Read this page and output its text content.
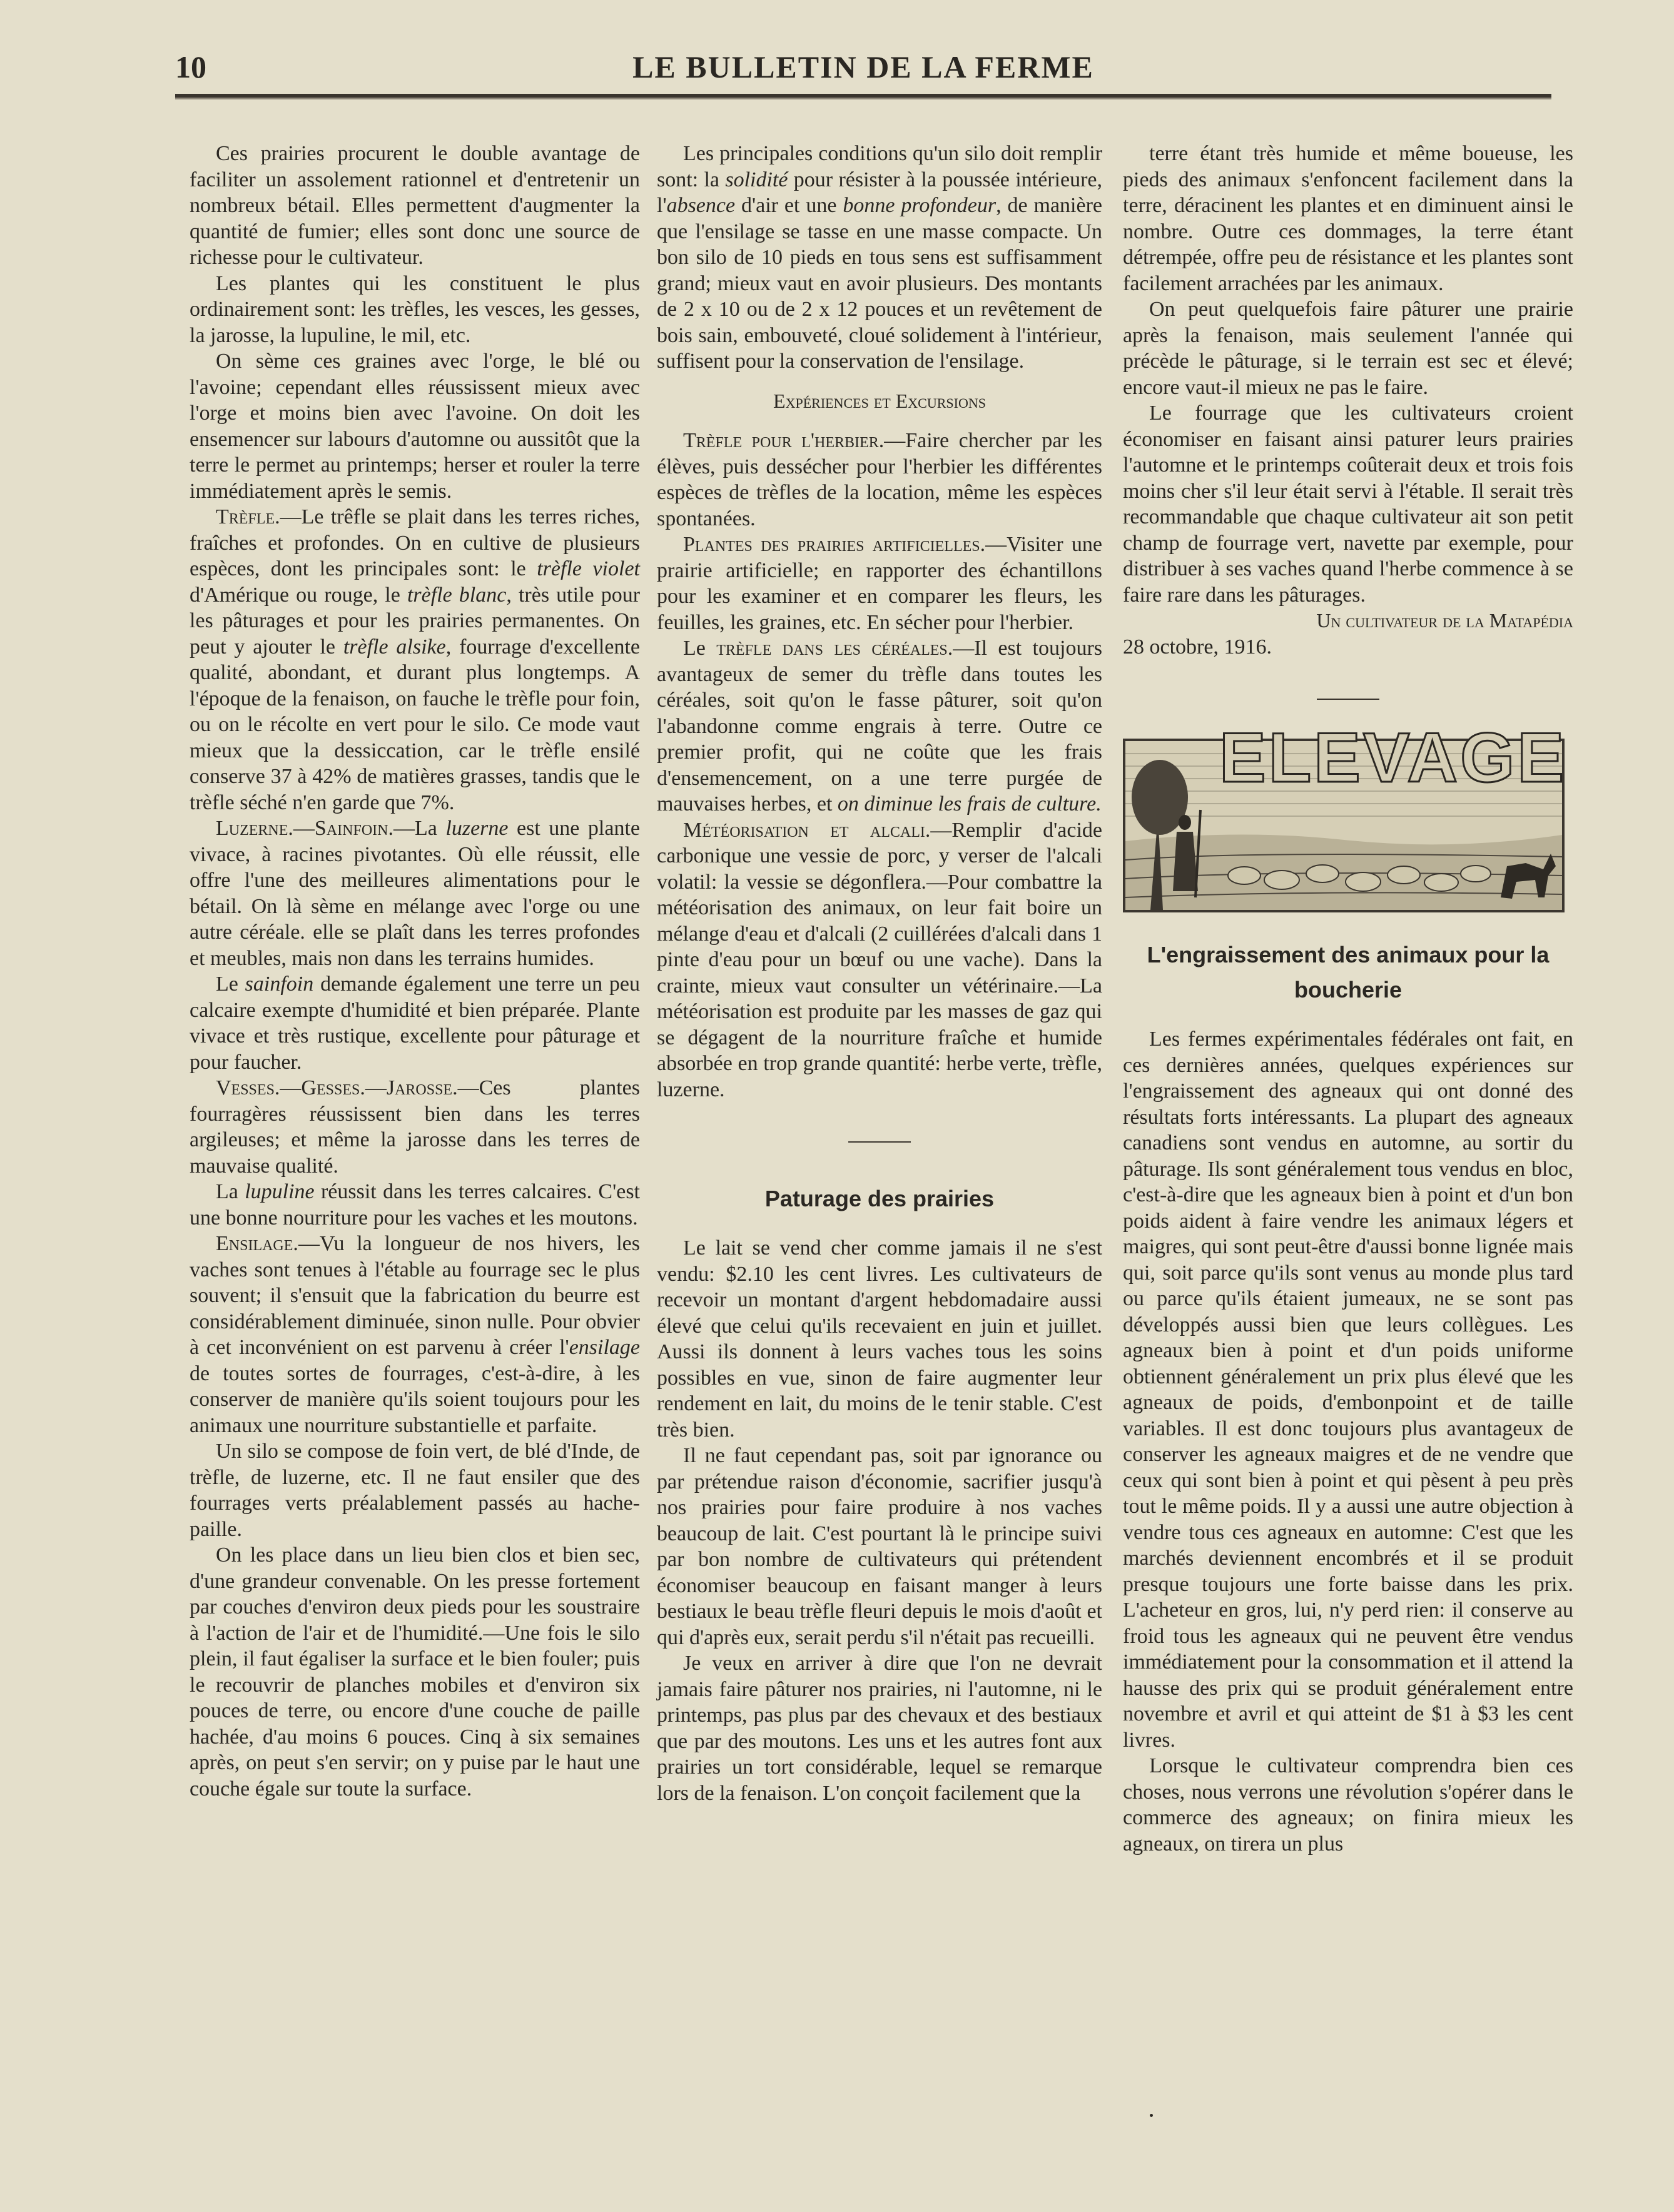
10	LE BULLETIN DE LA FERME

Ces prairies procurent le double avantage de faciliter un assolement rationnel et d'entretenir un nombreux bétail. Elles permettent d'augmenter la quantité de fumier; elles sont donc une source de richesse pour le cultivateur.

Les plantes qui les constituent le plus ordinairement sont: les trèfles, les vesces, les gesses, la jarosse, la lupuline, le mil, etc.

On sème ces graines avec l'orge, le blé ou l'avoine; cependant elles réussissent mieux avec l'orge et moins bien avec l'avoine. On doit les ensemencer sur labours d'automne ou aussitôt que la terre le permet au printemps; herser et rouler la terre immédiatement après le semis.

Trèfle.—Le trêfle se plait dans les terres riches, fraîches et profondes. On en cultive de plusieurs espèces, dont les principales sont: le trèfle violet d'Amérique ou rouge, le trèfle blanc, très utile pour les pâturages et pour les prairies permanentes. On peut y ajouter le trèfle alsike, fourrage d'excellente qualité, abondant, et durant plus longtemps. A l'époque de la fenaison, on fauche le trèfle pour foin, ou on le récolte en vert pour le silo. Ce mode vaut mieux que la dessiccation, car le trèfle ensilé conserve 37 à 42% de matières grasses, tandis que le trèfle séché n'en garde que 7%.

Luzerne.—Sainfoin.—La luzerne est une plante vivace, à racines pivotantes. Où elle réussit, elle offre l'une des meilleures alimentations pour le bétail. On là sème en mélange avec l'orge ou une autre céréale. elle se plaît dans les terres profondes et meubles, mais non dans les terrains humides.

Le sainfoin demande également une terre un peu calcaire exempte d'humidité et bien préparée. Plante vivace et très rustique, excellente pour pâturage et pour faucher.

Vesses.—Gesses.—Jarosse.—Ces plantes fourragères réussissent bien dans les terres argileuses; et même la jarosse dans les terres de mauvaise qualité.

La lupuline réussit dans les terres calcaires. C'est une bonne nourriture pour les vaches et les moutons.

Ensilage.—Vu la longueur de nos hivers, les vaches sont tenues à l'étable au fourrage sec le plus souvent; il s'ensuit que la fabrication du beurre est considérablement diminuée, sinon nulle. Pour obvier à cet inconvénient on est parvenu à créer l'ensilage de toutes sortes de fourrages, c'est-à-dire, à les conserver de manière qu'ils soient toujours pour les animaux une nourriture substantielle et parfaite.

Un silo se compose de foin vert, de blé d'Inde, de trèfle, de luzerne, etc. Il ne faut ensiler que des fourrages verts préalablement passés au hache-paille.

On les place dans un lieu bien clos et bien sec, d'une grandeur convenable. On les presse fortement par couches d'environ deux pieds pour les soustraire à l'action de l'air et de l'humidité.—Une fois le silo plein, il faut égaliser la surface et le bien fouler; puis le recouvrir de planches mobiles et d'environ six pouces de terre, ou encore d'une couche de paille hachée, d'au moins 6 pouces. Cinq à six semaines après, on peut s'en servir; on y puise par le haut une couche égale sur toute la surface.

Les principales conditions qu'un silo doit remplir sont: la solidité pour résister à la poussée intérieure, l'absence d'air et une bonne profondeur, de manière que l'ensilage se tasse en une masse compacte. Un bon silo de 10 pieds en tous sens est suffisamment grand; mieux vaut en avoir plusieurs. Des montants de 2 x 10 ou de 2 x 12 pouces et un revêtement de bois sain, embouveté, cloué solidement à l'intérieur, suffisent pour la conservation de l'ensilage.

Expériences et Excursions

Trèfle pour l'herbier.—Faire chercher par les élèves, puis dessécher pour l'herbier les différentes espèces de trèfles de la location, même les espèces spontanées.

Plantes des prairies artificielles.—Visiter une prairie artificielle; en rapporter des échantillons pour les examiner et en comparer les fleurs, les feuilles, les graines, etc. En sécher pour l'herbier.

Le trèfle dans les céréales.—Il est toujours avantageux de semer du trèfle dans toutes les céréales, soit qu'on le fasse pâturer, soit qu'on l'abandonne comme engrais à terre. Outre ce premier profit, qui ne coûte que les frais d'ensemencement, on a une terre purgée de mauvaises herbes, et on diminue les frais de culture.

Météorisation et alcali.—Remplir d'acide carbonique une vessie de porc, y verser de l'alcali volatil: la vessie se dégonflera.—Pour combattre la météorisation des animaux, on leur fait boire un mélange d'eau et d'alcali (2 cuillérées d'alcali dans 1 pinte d'eau pour un bœuf ou une vache). Dans la crainte, mieux vaut consulter un vétérinaire.—La météorisation est produite par les masses de gaz qui se dégagent de la nourriture fraîche et humide absorbée en trop grande quantité: herbe verte, trèfle, luzerne.

Paturage des prairies

Le lait se vend cher comme jamais il ne s'est vendu: $2.10 les cent livres. Les cultivateurs de recevoir un montant d'argent hebdomadaire aussi élevé que celui qu'ils recevaient en juin et juillet. Aussi ils donnent à leurs vaches tous les soins possibles en vue, sinon de faire augmenter leur rendement en lait, du moins de le tenir stable. C'est très bien.

Il ne faut cependant pas, soit par ignorance ou par prétendue raison d'économie, sacrifier jusqu'à nos prairies pour faire produire à nos vaches beaucoup de lait. C'est pourtant là le principe suivi par bon nombre de cultivateurs qui prétendent économiser beaucoup en faisant manger à leurs bestiaux le beau trèfle fleuri depuis le mois d'août et qui d'après eux, serait perdu s'il n'était pas recueilli.

Je veux en arriver à dire que l'on ne devrait jamais faire pâturer nos prairies, ni l'automne, ni le printemps, pas plus par des chevaux et des bestiaux que par des moutons. Les uns et les autres font aux prairies un tort considérable, lequel se remarque lors de la fenaison. L'on conçoit facilement que la

terre étant très humide et même boueuse, les pieds des animaux s'enfoncent facilement dans la terre, déracinent les plantes et en diminuent ainsi le nombre. Outre ces dommages, la terre étant détrempée, offre peu de résistance et les plantes sont facilement arrachées par les animaux.

On peut quelquefois faire pâturer une prairie après la fenaison, mais seulement l'année qui précède le pâturage, si le terrain est sec et élevé; encore vaut-il mieux ne pas le faire.

Le fourrage que les cultivateurs croient économiser en faisant ainsi paturer leurs prairies l'automne et le printemps coûterait deux et trois fois moins cher s'il leur était servi à l'étable. Il serait très recommandable que chaque cultivateur ait son petit champ de fourrage vert, navette par exemple, pour distribuer à ses vaches quand l'herbe commence à se faire rare dans les pâturages.

Un cultivateur de la Matapédia

28 octobre, 1916.

ELEVAGE
L'engraissement des animaux pour la boucherie

Les fermes expérimentales fédérales ont fait, en ces dernières années, quelques expériences sur l'engraissement des agneaux qui ont donné des résultats forts intéressants. La plupart des agneaux canadiens sont vendus en automne, au sortir du pâturage. Ils sont généralement tous vendus en bloc, c'est-à-dire que les agneaux bien à point et d'un bon poids aident à faire vendre les animaux légers et maigres, qui sont peut-être d'aussi bonne lignée mais qui, soit parce qu'ils sont venus au monde plus tard ou parce qu'ils étaient jumeaux, ne se sont pas développés aussi bien que leurs collègues. Les agneaux bien à point et d'un poids uniforme obtiennent généralement un prix plus élevé que les agneaux de poids, d'embonpoint et de taille variables. Il est donc toujours plus avantageux de conserver les agneaux maigres et de ne vendre que ceux qui sont bien à point et qui pèsent à peu près tout le même poids. Il y a aussi une autre objection à vendre tous ces agneaux en automne: C'est que les marchés deviennent encombrés et il se produit presque toujours une forte baisse dans les prix. L'acheteur en gros, lui, n'y perd rien: il conserve au froid tous les agneaux qui ne peuvent être vendus immédiatement pour la consommation et il attend la hausse des prix qui se produit généralement entre novembre et avril et qui atteint de $1 à $3 les cent livres.

Lorsque le cultivateur comprendra bien ces choses, nous verrons une révolution s'opérer dans le commerce des agneaux; on finira mieux les agneaux, on tirera un plus
